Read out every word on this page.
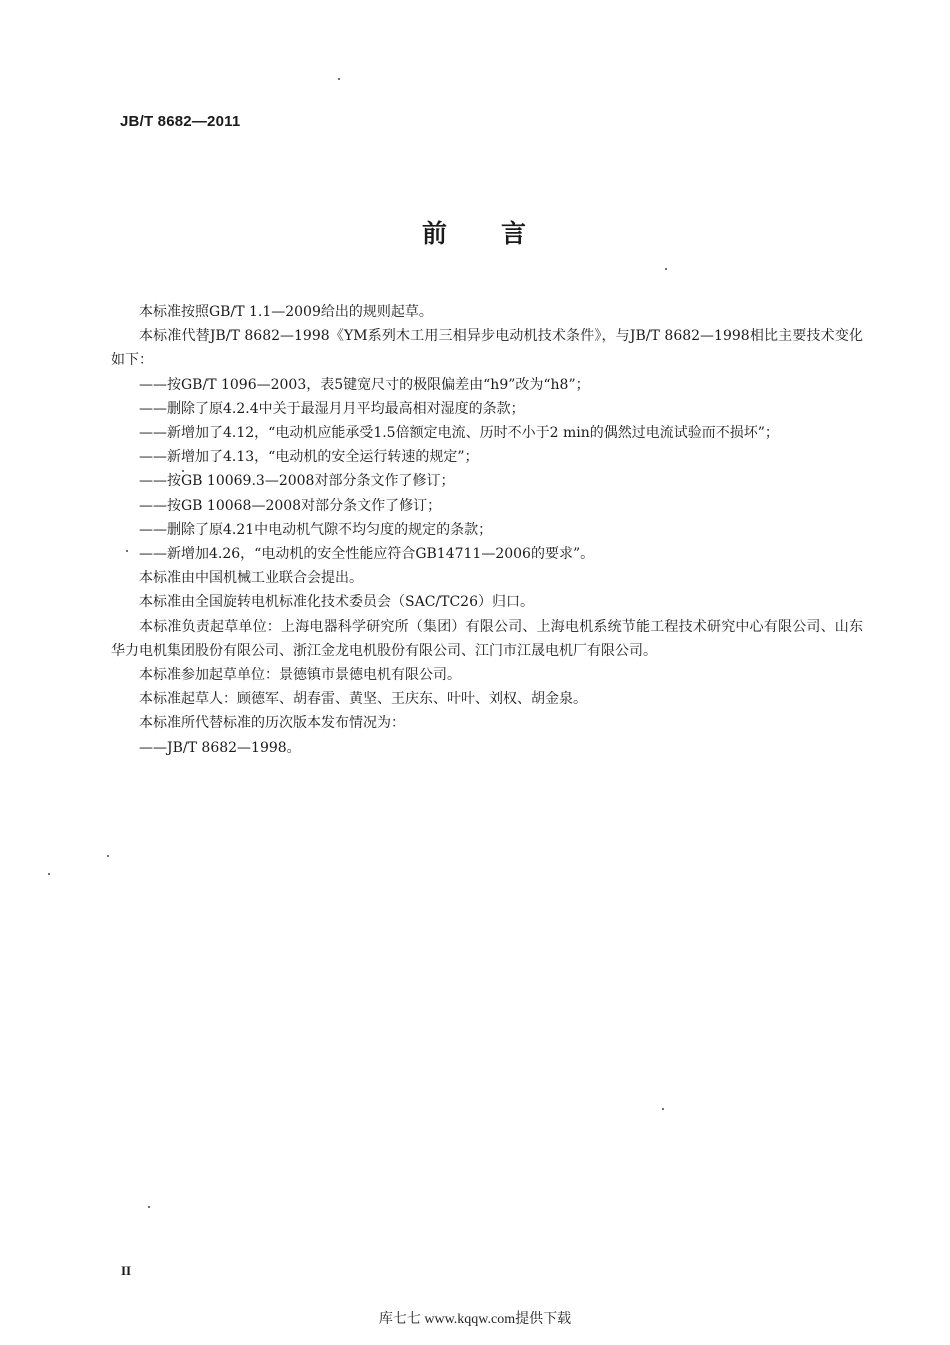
JB/T 8682—2011
前 言

本标准按照GB/T 1.1—2009给出的规则起草。

本标准代替JB/T 8682—1998《YM系列木工用三相异步电动机技术条件》，与JB/T 8682—1998相比主要技术变化如下：

——按GB/T 1096—2003，表5键宽尺寸的极限偏差由“h9”改为“h8”；

——删除了原4.2.4中关于最湿月月平均最高相对湿度的条款；

——新增加了4.12，“电动机应能承受1.5倍额定电流、历时不小于2 min的偶然过电流试验而不损坏”；

——新增加了4.13，“电动机的安全运行转速的规定”；

——按GB 10069.3—2008对部分条文作了修订；

——按GB 10068—2008对部分条文作了修订；

——删除了原4.21中电动机气隙不均匀度的规定的条款；

——新增加4.26，“电动机的安全性能应符合GB14711—2006的要求”。

本标准由中国机械工业联合会提出。

本标准由全国旋转电机标准化技术委员会（SAC/TC26）归口。

本标准负责起草单位：上海电器科学研究所（集团）有限公司、上海电机系统节能工程技术研究中心有限公司、山东华力电机集团股份有限公司、浙江金龙电机股份有限公司、江门市江晟电机厂有限公司。

本标准参加起草单位：景德镇市景德电机有限公司。

本标准起草人：顾德军、胡春雷、黄坚、王庆东、叶叶、刘权、胡金泉。

本标准所代替标准的历次版本发布情况为：

——JB/T 8682—1998。

II
库七七 www.kqqw.com提供下载
